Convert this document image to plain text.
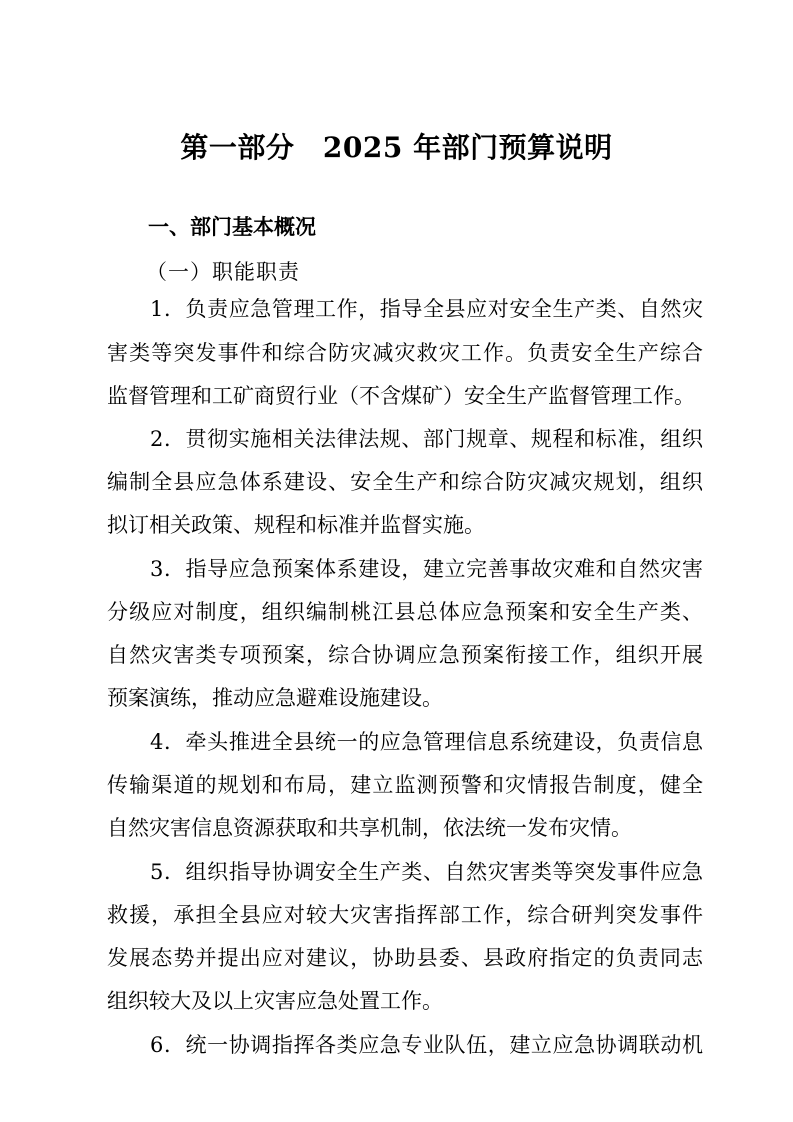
第一部分　2025 年部门预算说明
一、部门基本概况
（一）职能职责
1．负责应急管理工作，指导全县应对安全生产类、自然灾
害类等突发事件和综合防灾减灾救灾工作。负责安全生产综合
监督管理和工矿商贸行业（不含煤矿）安全生产监督管理工作。
2．贯彻实施相关法律法规、部门规章、规程和标准，组织
编制全县应急体系建设、安全生产和综合防灾减灾规划，组织
拟订相关政策、规程和标准并监督实施。
3．指导应急预案体系建设，建立完善事故灾难和自然灾害
分级应对制度，组织编制桃江县总体应急预案和安全生产类、
自然灾害类专项预案，综合协调应急预案衔接工作，组织开展
预案演练，推动应急避难设施建设。
4．牵头推进全县统一的应急管理信息系统建设，负责信息
传输渠道的规划和布局，建立监测预警和灾情报告制度，健全
自然灾害信息资源获取和共享机制，依法统一发布灾情。
5．组织指导协调安全生产类、自然灾害类等突发事件应急
救援，承担全县应对较大灾害指挥部工作，综合研判突发事件
发展态势并提出应对建议，协助县委、县政府指定的负责同志
组织较大及以上灾害应急处置工作。
6．统一协调指挥各类应急专业队伍，建立应急协调联动机
